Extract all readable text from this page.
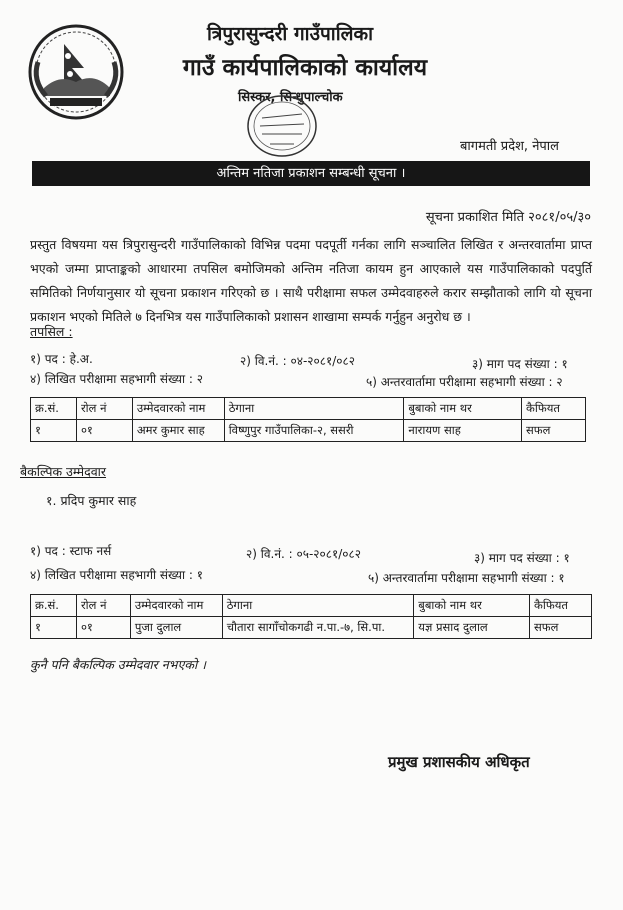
त्रिपुरासुन्दरी गाउँपालिका
गाउँ कार्यपालिकाको कार्यालय
सिस्कर, सिन्धुपाल्चोक
बागमती प्रदेश, नेपाल
अन्तिम नतिजा प्रकाशन सम्बन्धी सूचना ।
सूचना प्रकाशित मिति २०८१/०५/३०
प्रस्तुत विषयमा यस त्रिपुरासुन्दरी गाउँपालिकाको विभिन्न पदमा पदपूर्ती गर्नका लागि सञ्चालित लिखित र अन्तरवार्तामा प्राप्त भएको जम्मा प्राप्ताङ्कको आधारमा तपसिल बमोजिमको अन्तिम नतिजा कायम हुन आएकाले यस गाउँपालिकाको पदपुर्ति समितिको निर्णयानुसार यो सूचना प्रकाशन गरिएको छ । साथै परीक्षामा सफल उम्मेदवाहरुले करार सम्झौताको लागि यो सूचना प्रकाशन भएको मितिले ७ दिनभित्र यस गाउँपालिकाको प्रशासन शाखामा सम्पर्क गर्नुहुन अनुरोध छ ।
तपसिल :
१) पद : हे.अ.	२) वि.नं. : ०४-२०८१/०८२	३) माग पद संख्या : १
४) लिखित परीक्षामा सहभागी संख्या : २	५) अन्तरवार्तामा परीक्षामा सहभागी संख्या : २
क्र.सं.	रोल नं	उम्मेदवारको नाम	ठेगाना	बुबाको नाम थर	कैफियत
१	०१	अमर कुमार साह	विष्णुपुर गाउँपालिका-२, ससरी	नारायण साह	सफल
बैकल्पिक उम्मेदवार
१. प्रदिप कुमार साह
१) पद : स्टाफ नर्स	२) वि.नं. : ०५-२०८१/०८२	३) माग पद संख्या : १
४) लिखित परीक्षामा सहभागी संख्या : १	५) अन्तरवार्तामा परीक्षामा सहभागी संख्या : १
क्र.सं.	रोल नं	उम्मेदवारको नाम	ठेगाना	बुबाको नाम थर	कैफियत
१	०१	पुजा दुलाल	चौतारा सागाँचोकगढी न.पा.-७, सि.पा.	यज्ञ प्रसाद दुलाल	सफल
कुनै पनि बैकल्पिक उम्मेदवार नभएको ।
प्रमुख प्रशासकीय अधिकृत
